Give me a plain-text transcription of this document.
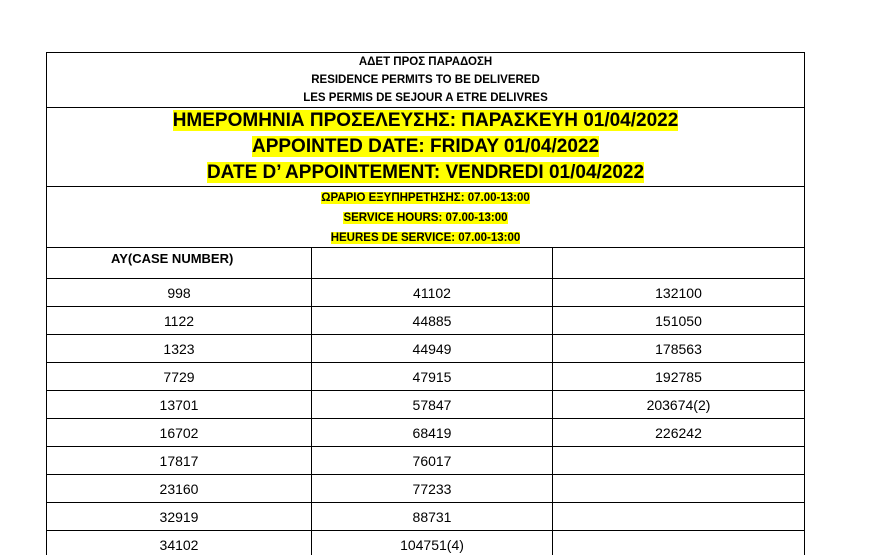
ΑΔΕΤ ΠΡΟΣ ΠΑΡΑΔΟΣΗ
RESIDENCE PERMITS TO BE DELIVERED
LES PERMIS DE SEJOUR A ETRE DELIVRES		

ΗΜΕΡΟΜΗΝΙΑ ΠΡΟΣΕΛΕΥΣΗΣ: ΠΑΡΑΣΚΕΥΗ 01/04/2022
APPOINTED DATE: FRIDAY 01/04/2022
DATE D’ APPOINTEMENT: VENDREDI 01/04/2022		

ΩΡΑΡΙΟ ΕΞΥΠΗΡΕΤΗΣΗΣ: 07.00-13:00
SERVICE HOURS: 07.00-13:00
HEURES DE SERVICE: 07.00-13:00		

AY(CASE NUMBER)		
998	41102	132100
1122	44885	151050
1323	44949	178563
7729	47915	192785
13701	57847	203674(2)
16702	68419	226242
17817	76017	
23160	77233	
32919	88731	
34102	104751(4)	
